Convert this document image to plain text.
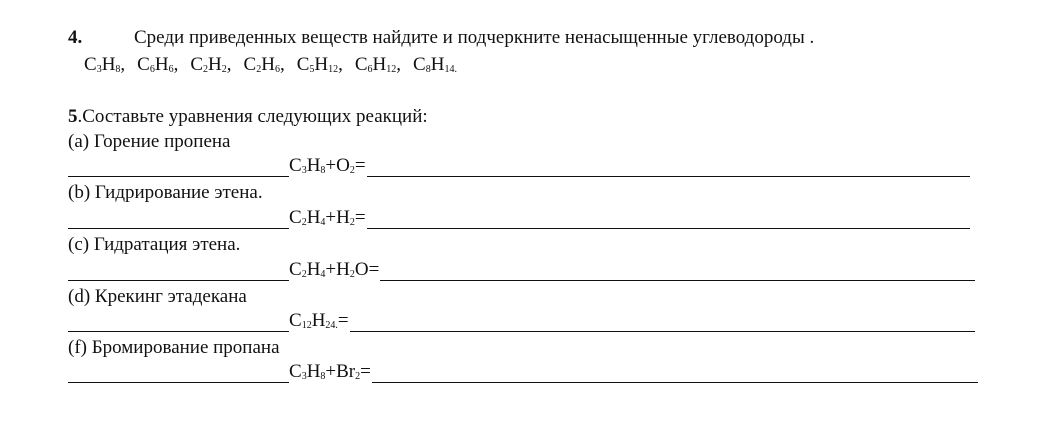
4.	Среди приведенных веществ найдите и подчеркните ненасыщенные углеводороды .
$C_3H_8$, $C_6H_6$, $C_2H_2$, $C_2H_6$, $C_5H_{12}$, $C_6H_{12}$, $C_8H_{14.}$
5.Составьте уравнения следующих реакций:
(a) Горение пропена
$C_3H_8+O_2=$
(b) Гидрирование этена.
$C_2H_4+H_2=$
(c) Гидратация этена.
$C_2H_4+H_2O=$
(d) Крекинг этадекана
$C_{12}H_{24.}=$
(f) Бромирование пропана
$C_3H_8+Br_2=$
